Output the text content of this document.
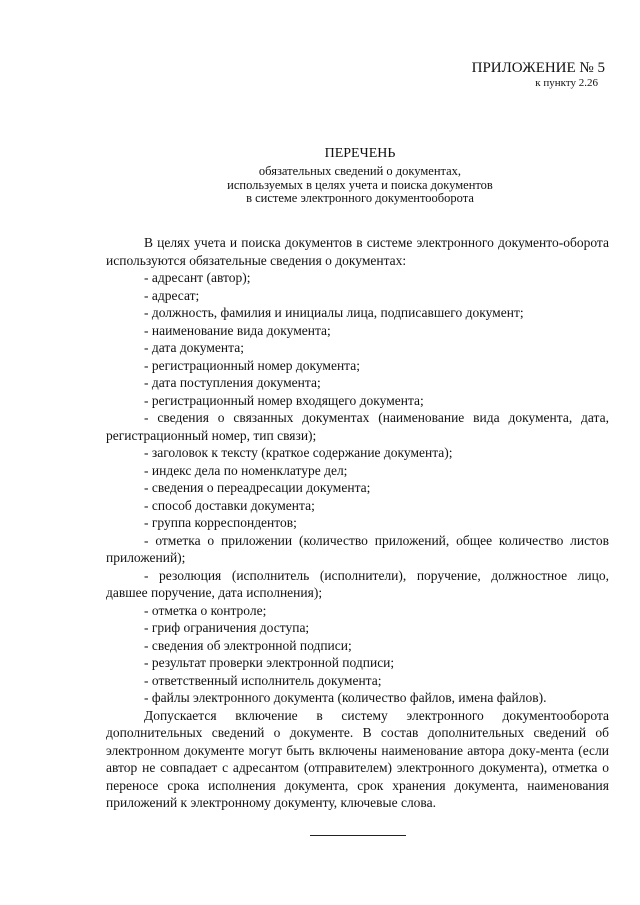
ПРИЛОЖЕНИЕ № 5
к пункту 2.26
ПЕРЕЧЕНЬ
обязательных сведений о документах,
используемых в целях учета и поиска документов
в системе электронного документооборота

В целях учета и поиска документов в системе электронного документо-оборота используются обязательные сведения о документах:

- адресант (автор);
- адресат;
- должность, фамилия и инициалы лица, подписавшего документ;
- наименование вида документа;
- дата документа;
- регистрационный номер документа;
- дата поступления документа;
- регистрационный номер входящего документа;
- сведения о связанных документах (наименование вида документа, дата, регистрационный номер, тип связи);
- заголовок к тексту (краткое содержание документа);
- индекс дела по номенклатуре дел;
- сведения о переадресации документа;
- способ доставки документа;
- группа корреспондентов;
- отметка о приложении (количество приложений, общее количество листов приложений);
- резолюция (исполнитель (исполнители), поручение, должностное лицо, давшее поручение, дата исполнения);
- отметка о контроле;
- гриф ограничения доступа;
- сведения об электронной подписи;
- результат проверки электронной подписи;
- ответственный исполнитель документа;
- файлы электронного документа (количество файлов, имена файлов).

Допускается включение в систему электронного документооборота дополнительных сведений о документе. В состав дополнительных сведений об электронном документе могут быть включены наименование автора доку-мента (если автор не совпадает с адресантом (отправителем) электронного документа), отметка о переносе срока исполнения документа, срок хранения документа, наименования приложений к электронному документу, ключевые слова.
